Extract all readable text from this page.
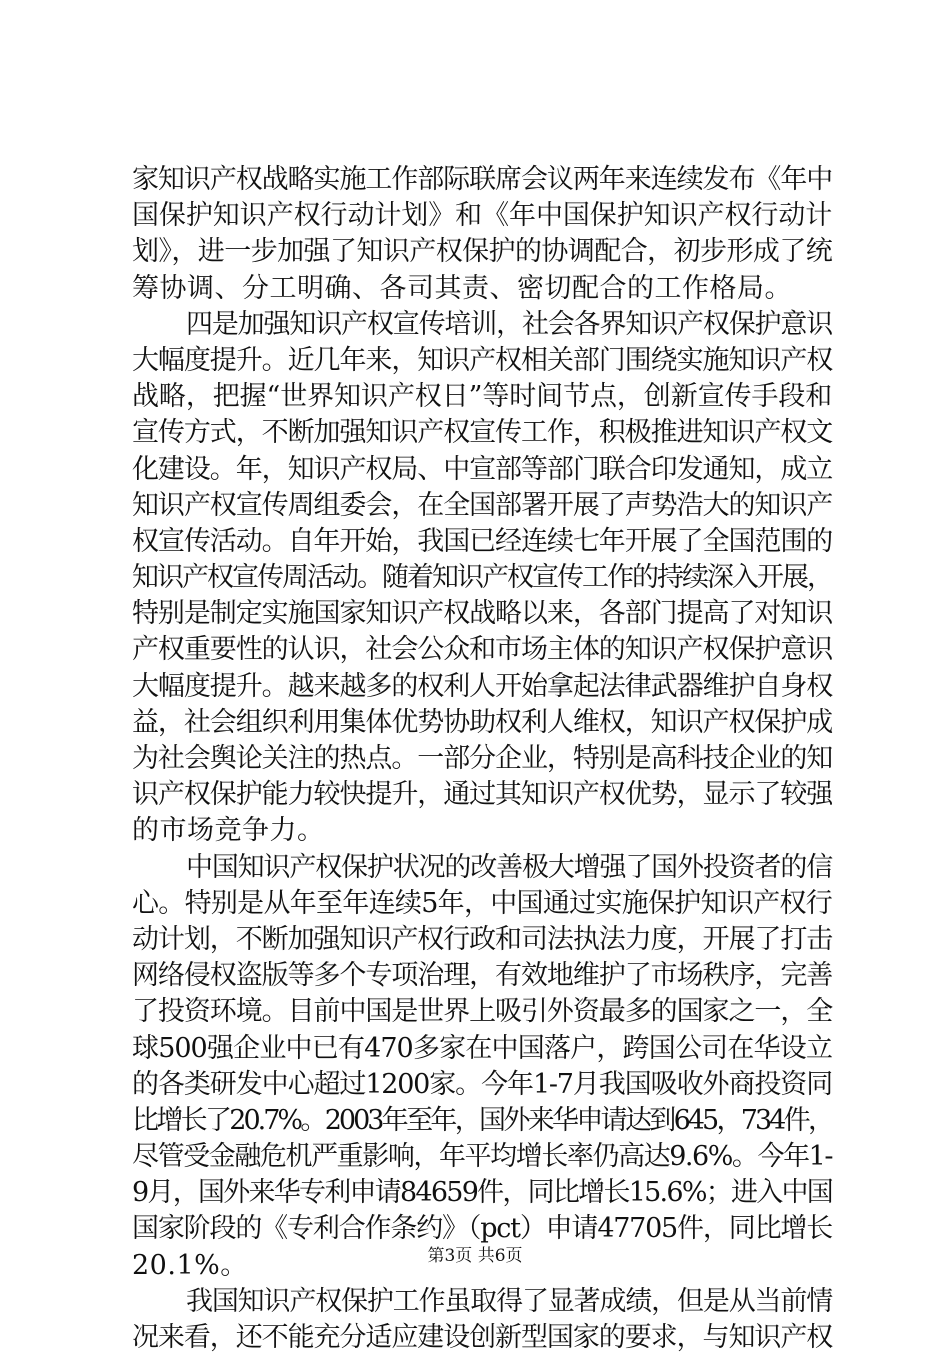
家知识产权战略实施工作部际联席会议两年来连续发布《年中
国保护知识产权行动计划》和《年中国保护知识产权行动计
划》，进一步加强了知识产权保护的协调配合，初步形成了统
筹协调、分工明确、各司其责、密切配合的工作格局。
四是加强知识产权宣传培训，社会各界知识产权保护意识
大幅度提升。近几年来，知识产权相关部门围绕实施知识产权
战略，把握“世界知识产权日”等时间节点，创新宣传手段和
宣传方式，不断加强知识产权宣传工作，积极推进知识产权文
化建设。年，知识产权局、中宣部等部门联合印发通知，成立
知识产权宣传周组委会，在全国部署开展了声势浩大的知识产
权宣传活动。自年开始，我国已经连续七年开展了全国范围的
知识产权宣传周活动。随着知识产权宣传工作的持续深入开展，
特别是制定实施国家知识产权战略以来，各部门提高了对知识
产权重要性的认识，社会公众和市场主体的知识产权保护意识
大幅度提升。越来越多的权利人开始拿起法律武器维护自身权
益，社会组织利用集体优势协助权利人维权，知识产权保护成
为社会舆论关注的热点。一部分企业，特别是高科技企业的知
识产权保护能力较快提升，通过其知识产权优势，显示了较强
的市场竞争力。
中国知识产权保护状况的改善极大增强了国外投资者的信
心。特别是从年至年连续5年，中国通过实施保护知识产权行
动计划，不断加强知识产权行政和司法执法力度，开展了打击
网络侵权盗版等多个专项治理，有效地维护了市场秩序，完善
了投资环境。目前中国是世界上吸引外资最多的国家之一，全
球500强企业中已有470多家在中国落户，跨国公司在华设立
的各类研发中心超过1200家。今年1-7月我国吸收外商投资同
比增长了20.7%。2003年至年，国外来华申请达到645，734件，
尽管受金融危机严重影响，年平均增长率仍高达9.6%。今年1-
9月，国外来华专利申请84659件，同比增长15.6%；进入中国
国家阶段的《专利合作条约》（pct）申请47705件，同比增长
20.1%。
我国知识产权保护工作虽取得了显著成绩，但是从当前情
况来看，还不能充分适应建设创新型国家的要求，与知识产权
第3页 共6页
